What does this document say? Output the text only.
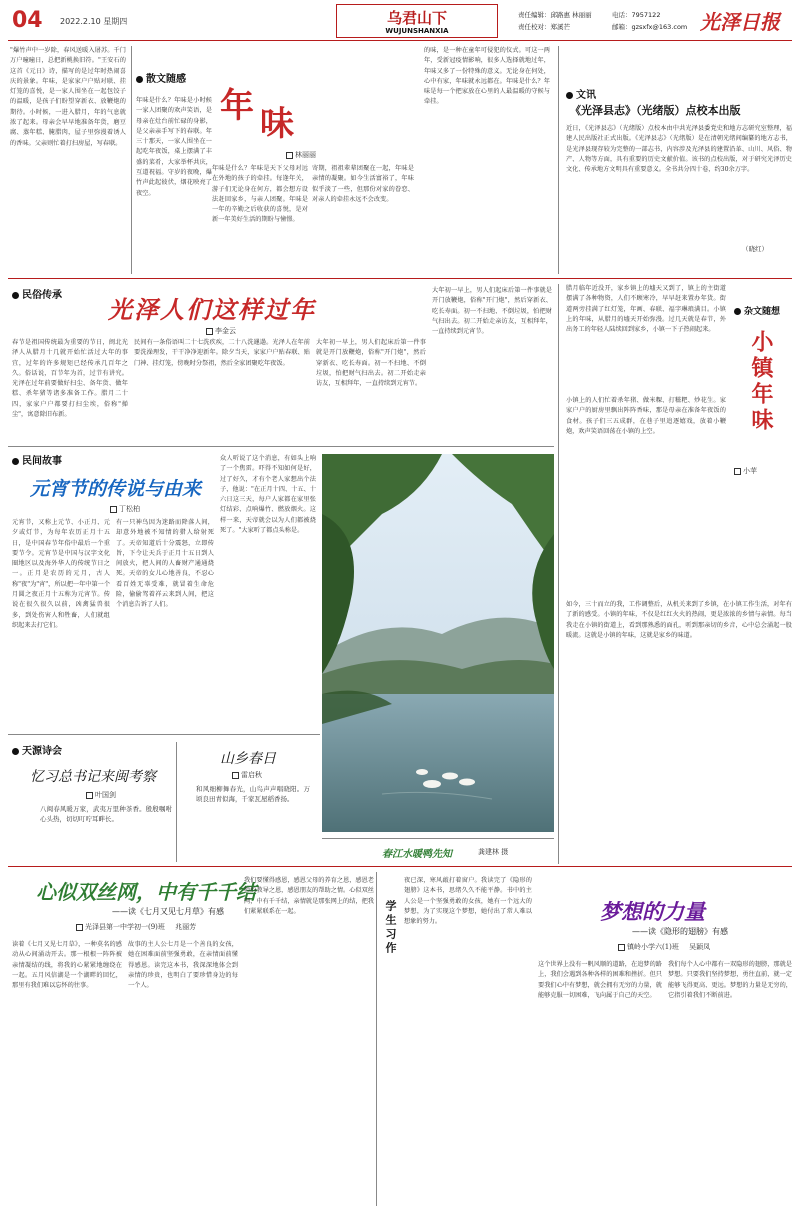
04 2022.2.10 星期四	乌君山下
WUJUNSHANXIA
责任编辑：邱路惠 林丽丽	电话：7957122
责任校对：郑溪芒	邮箱：gzsxfx@163.com 光泽日报
"爆竹声中一岁除，春风送暖入屠苏。千门万户曈曈日，总把新桃换旧符。"王安石的这首《元日》诗，描写的是过年时热闹喜庆的景象。年味，是家家户户贴对联、挂灯笼的喜悦，是一家人围坐在一起包饺子的温暖，是孩子们盼望穿新衣、放鞭炮的期待。小时候，一进入腊月，年的气息就浓了起来。母亲会早早地准备年货，磨豆腐、蒸年糕、腌腊肉，屋子里弥漫着诱人的香味。父亲则忙着打扫房屋，写春联。
散文随感
年 味
林丽丽
年味是什么？年味是小时候一家人团聚的欢声笑语，是母亲在灶台前忙碌的身影，是父亲亲手写下的春联。年三十那天，一家人围坐在一起吃年夜饭，桌上摆满了丰盛的菜肴，大家举杯共庆，互道祝福。守岁的夜晚，爆竹声此起彼伏，烟花映亮了夜空。
年味是什么？年味是天下父母对远在外地的孩子的牵挂。每逢年关，游子们无论身在何方，都会想方设法赶回家乡，与亲人团聚。年味是一年的辛勤之后收获的喜悦，是对新一年美好生活的期盼与憧憬。
寄期，祖祖辈辈团聚在一起，年味是亲情的凝聚。如今生活富裕了，年味似乎淡了一些，但那份对家的眷恋、对亲人的牵挂永远不会改变。
的味，是一种在童年可侵犯的仪式。可这一两年，受新冠疫情影响，很多人选择就地过年，年味又多了一份特殊的意义。无论身在何处，心中有家，年味就永远都在。年味是什么？年味是每一个把家放在心里的人最温暖的守候与牵挂。
文讯
《光泽县志》（光绪版）点校本出版
近日，《光泽县志》（光绪版）点校本由中共光泽县委党史和地方志研究室整理，福建人民出版社正式出版。《光泽县志》（光绪版）是在清朝光绪间编纂的地方志书，是光泽县现存较为完整的一部志书，内容涉及光泽县的建置沿革、山川、风俗、物产、人物等方面，具有重要的历史文献价值。该书的点校出版，对于研究光泽历史文化、传承地方文明具有重要意义。全书共分四十卷，约30余万字。
（晓红）
民俗传承
光泽人们这样过年
李金云
春节是祖国传统最为重要的节日，闽北光泽人从腊月十几就开始忙活过大年的事宜，过年的许多规矩已经传承几百年之久。俗话说，百节年为首，过节有讲究。光泽在过年前要做好扫尘、备年货、做年糕、杀年猪等诸多准备工作。腊月二十四，家家户户都要打扫尘埃，俗称"掸尘"，寓意除旧布新。
民间有一条俗语叫二十七洗疚疾，二十八洗邋遢。光泽人在年前要洗澡理发，干干净净迎新年。除夕当天，家家户户贴春联、贴门神、挂灯笼，傍晚时分祭祖，然后全家团聚吃年夜饭。
大年初一早上，男人们起床后第一件事就是开门放鞭炮，俗称"开门炮"，然后穿新衣、吃长寿面。初一不扫地、不倒垃圾，怕把财气扫出去。初二开始走亲访友，互相拜年，一直持续到元宵节。
大年初一早上，男人们起床后第一件事就是开门放鞭炮，俗称"开门炮"，然后穿新衣、吃长寿面。初一不扫地、不倒垃圾，怕把财气扫出去。初二开始走亲访友，互相拜年，一直持续到元宵节。
民间故事
元宵节的传说与由来
丁松柏
元宵节，又称上元节、小正月、元夕或灯节，为每年农历正月十五日，是中国春节年俗中最后一个重要节令。元宵节是中国与汉字文化圈地区以及海外华人的传统节日之一。正月是农历的元月，古人称"夜"为"宵"，所以把一年中第一个月圆之夜正月十五称为元宵节。传说在很久很久以前，凶禽猛兽很多，到处伤害人和牲畜，人们就组织起来去打它们。
有一只神鸟因为迷路而降落人间，却意外地被不知情的猎人给射死了。天帝知道后十分震怒，立即传旨，下令让天兵于正月十五日到人间放火，把人间的人畜财产通通烧死。天帝的女儿心地善良，不忍心看百姓无辜受难，就冒着生命危险，偷偷驾着祥云来到人间，把这个消息告诉了人们。
众人听说了这个消息，有如头上响了一个焦雷。吓得不知如何是好，过了好久，才有个老人家想出个法子，他说："在正月十四、十五、十六日这三天，每户人家都在家里张灯结彩、点响爆竹、燃放烟火。这样一来，天帝就会以为人们都被烧死了。"大家听了都点头称是。
春江水暖鸭先知	龚建林 摄
腊月临年近没开，家乡镇上的墟天又到了，镇上的主街道摆满了各种物资，人们不顾寒冷，早早赶来置办年货。街道两旁挂满了红灯笼，年画、春联、福字琳琅满目。小镇上的年味，从腊月的墟天开始弥漫。过几天就是春节，外出务工的年轻人陆续回到家乡，小镇一下子热闹起来。
杂文随想
小镇年味
小苹
小镇上的人们忙着杀年猪、做米粿、打糍粑、炒花生。家家户户的厨房里飘出阵阵香味，那是母亲在准备年夜饭的食材。孩子们三五成群，在巷子里追逐嬉戏，放着小鞭炮，欢声笑语回荡在小镇的上空。
如今，三十而立的我，工作调整后，从机关来到了乡镇，在小镇工作生活，对年有了新的感受。小镇的年味，不仅是红红火火的热闹，更是浓浓的乡情与亲情。每当我走在小镇的街道上，看到那熟悉的面孔，听到那亲切的乡音，心中总会涌起一股暖流。这就是小镇的年味，这就是家乡的味道。
天源诗会
忆习总书记来闽考察
叶国剑
八闽春风暖万家，武夷万里种茶香。殷殷嘱咐心头热，切切叮咛耳畔长。
山乡春日
雷启秋
和风细柳舞春光，山鸟声声唱晓阳。万顷良田青似海，千家瓦屋稻香扬。
学生习作
心似双丝网，中有千千结
——读《七月又见七月草》有感
光泽县第一中学初一(9)班 兆丽芳
读着《七月又见七月草》，一种莫名的感动从心间涌动开去。那一根根一阵阵被亲情凝结的线，将我的心紧紧地缠绕在一起。五月风信湖是一个湖畔的回忆，那里有我们难以忘怀的往事。
故事的主人公七月是一个善良的女孩，她在困难面前坚强勇敢，在亲情面前懂得感恩。读完这本书，我深深地体会到亲情的珍贵，也明白了要珍惜身边的每一个人。
我们要懂得感恩，感恩父母的养育之恩，感恩老师的教导之恩，感恩朋友的帮助之情。心似双丝网，中有千千结，亲情就是那张网上的结，把我们紧紧联系在一起。
夜已深，寒风敲打着窗户。我读完了《隐形的翅膀》这本书，思绪久久不能平静。书中的主人公是一个坚强勇敢的女孩，她有一个远大的梦想，为了实现这个梦想，她付出了常人难以想象的努力。	梦想的力量
——读《隐形的翅膀》有感
镇岭小学六(1)班 吴颖凤
这个世界上没有一帆风顺的道路，在追梦的路上，我们会遇到各种各样的困难和挫折。但只要我们心中有梦想，就会拥有无穷的力量，就能够克服一切困难，飞向属于自己的天空。
我们每个人心中都有一双隐形的翅膀，那就是梦想。只要我们坚持梦想，勇往直前，就一定能够飞得更高、更远。梦想的力量是无穷的，它指引着我们不断前进。
